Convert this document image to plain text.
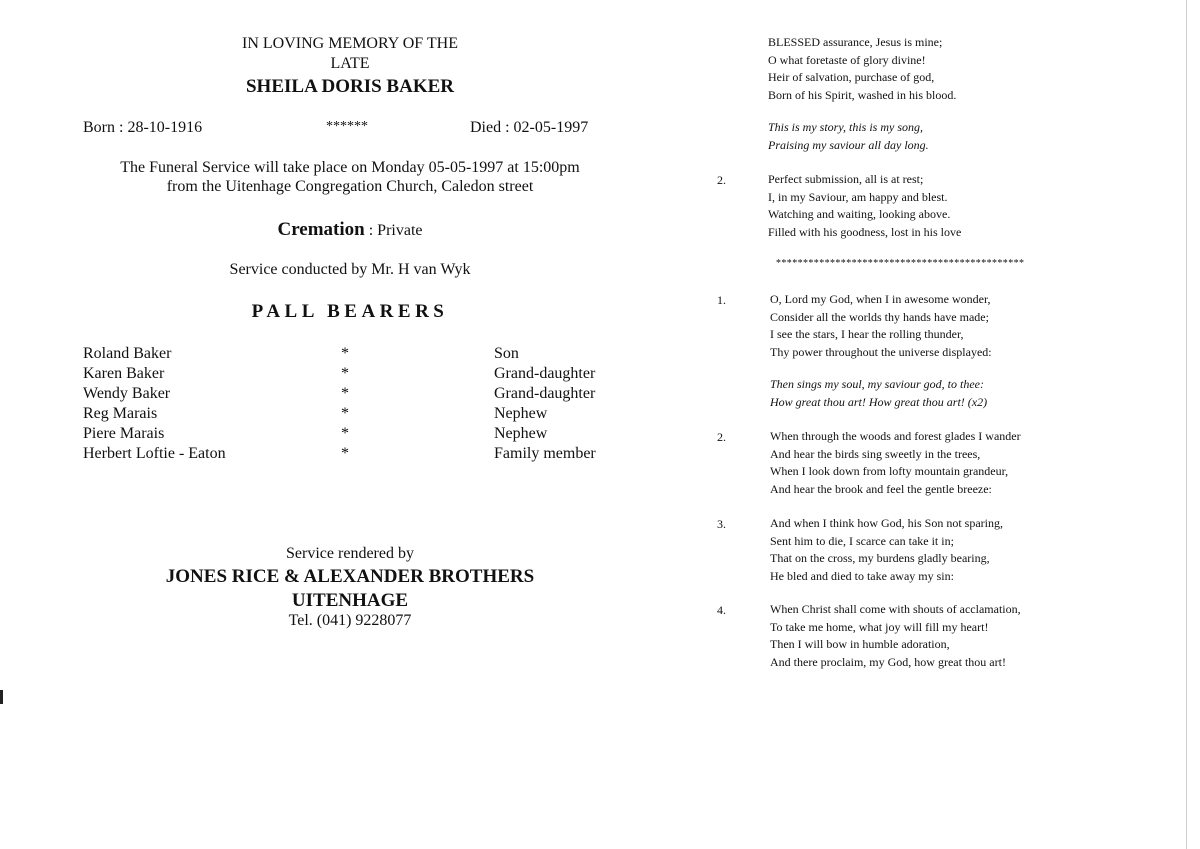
IN LOVING MEMORY OF THE
LATE
SHEILA DORIS BAKER
Born : 28-10-1916	******	Died : 02-05-1997
The Funeral Service will take place on Monday 05-05-1997 at 15:00pm
from the Uitenhage Congregation Church, Caledon street
Cremation : Private
Service conducted by Mr. H van Wyk
PALL BEARERS
Roland Baker	*	Son
Karen Baker	*	Grand-daughter
Wendy Baker	*	Grand-daughter
Reg Marais	*	Nephew
Piere Marais	*	Nephew
Herbert Loftie - Eaton	*	Family member
Service rendered by
JONES RICE & ALEXANDER BROTHERS
UITENHAGE
Tel. (041) 9228077
BLESSED assurance, Jesus is mine;
O what foretaste of glory divine!
Heir of salvation, purchase of god,
Born of his Spirit, washed in his blood.
This is my story, this is my song,
Praising my saviour all day long.
2.	Perfect submission, all is at rest;
I, in my Saviour, am happy and blest.
Watching and waiting, looking above.
Filled with his goodness, lost in his love
**********************************************
1.	O, Lord my God, when I in awesome wonder,
Consider all the worlds thy hands have made;
I see the stars, I hear the rolling thunder,
Thy power throughout the universe displayed:
Then sings my soul, my saviour god, to thee:
How great thou art! How great thou art! (x2)
2.	When through the woods and forest glades I wander
And hear the birds sing sweetly in the trees,
When I look down from lofty mountain grandeur,
And hear the brook and feel the gentle breeze:
3.	And when I think how God, his Son not sparing,
Sent him to die, I scarce can take it in;
That on the cross, my burdens gladly bearing,
He bled and died to take away my sin:
4.	When Christ shall come with shouts of acclamation,
To take me home, what joy will fill my heart!
Then I will bow in humble adoration,
And there proclaim, my God, how great thou art!
